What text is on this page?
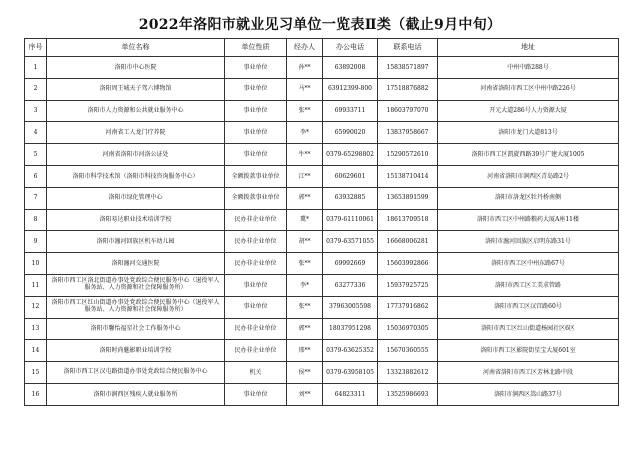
2022年洛阳市就业见习单位一览表Ⅱ类（截止9月中旬）
序号	单位名称	单位性质	经办人	办公电话	联系电话	地址
1	洛阳市中心医院	事业单位	孙**	63892008	15838571897	中州中路288号
2	洛阳周王城天子驾六博物馆	事业单位	马**	63912399-800	17518876882	河南省洛阳市西工区中州中路226号
3	洛阳市人力资源和公共就业服务中心	事业单位	张**	69933711	18603797070	开元大道286号人力资源大厦
4	河南省工人龙门疗养院	事业单位	李*	65990020	13837958667	洛阳市龙门大道813号
5	河南省洛阳市河洛公证处	事业单位	牛**	0379-65298802	15290572610	洛阳市西工区凯旋西路39号广建大厦1005
6	洛阳市科学技术馆（洛阳市科技咨询服务中心）	全额拨款事业单位	江**	60629601	15138710414	河南省洛阳市涧西区青岛路2号
7	洛阳市绿化管理中心	全额拨款事业单位	郭**	63932885	13653891599	洛阳市洛龙区牡丹桥南侧
8	洛阳易达职业技术培训学校	民办非企业单位	冀*	0379-61110061	18613709518	洛阳市西工区中州路粮药大厦A座11楼
9	洛阳市瀍河回族区机车幼儿园	民办非企业单位	胡**	0379-63571055	16668006281	洛阳市瀍河回族区启明东路31号
10	洛阳瀍河交通医院	民办非企业单位	张**	69992669	15603992866	洛阳市西工区中州东路67号
11	洛阳市西工区洛北街道办事处党政综合便民服务中心（退役军人服务站、人力资源和社会保障服务所）	事业单位	李*	63277336	15937925725	洛阳市西工区工美求管路
12	洛阳市西工区红山街道办事处党政综合便民服务中心（退役军人服务站、人力资源和社会保障服务所）	事业单位	张**	37963005598	17737916862	洛阳市西工区汉宫路60号
13	洛阳市馨怡福星社会工作服务中心	民办非企业单位	郭**	18037951298	15036970305	洛阳市西工区红山街道杨园社区6区
14	洛阳时尚魅影职业培训学校	民办非企业单位	邢**	0379-63625352	15670360555	洛阳市西工区影院街星宝大厦601室
15	洛阳市西工区汉屯路街道办事处党政综合便民服务中心	机关	侯**	0379-63958105	13323882612	河南省洛阳市西工区芳林北路中段
16	洛阳市涧西区残疾人就业服务所	事业单位	刘**	64823311	13525986693	洛阳市涧西区嵩山路37号
